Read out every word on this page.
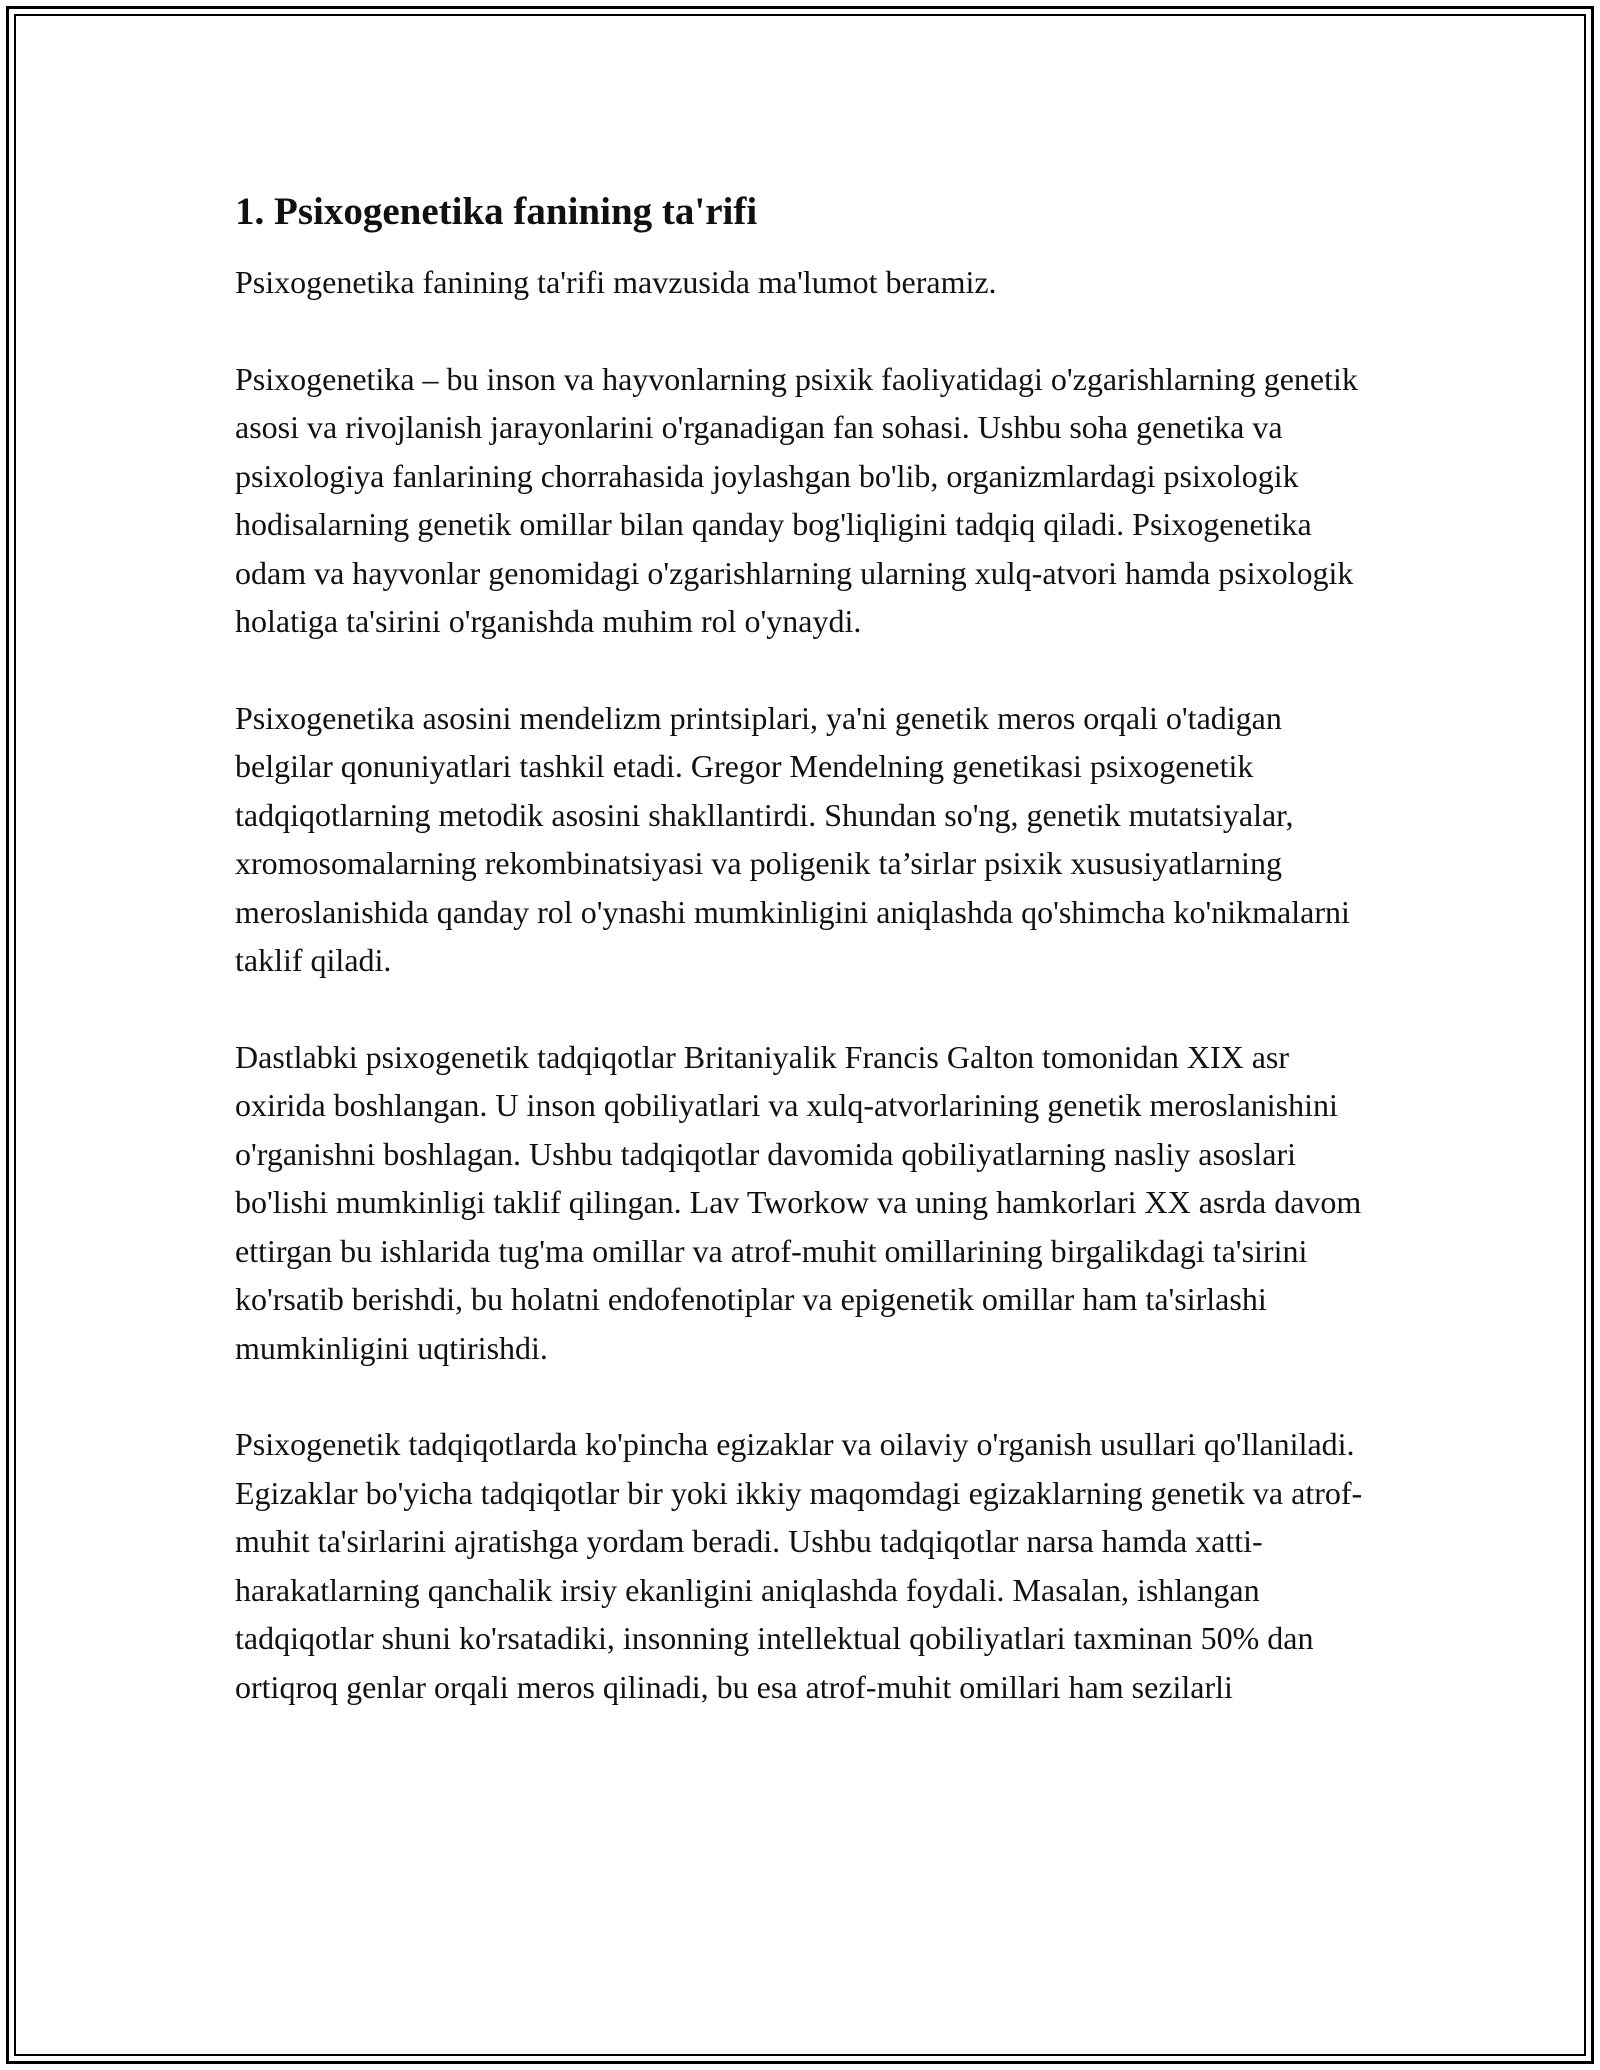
1. Psixogenetika fanining ta'rifi

Psixogenetika fanining ta'rifi mavzusida ma'lumot beramiz.

Psixogenetika – bu inson va hayvonlarning psixik faoliyatidagi o'zgarishlarning genetik asosi va rivojlanish jarayonlarini o'rganadigan fan sohasi. Ushbu soha genetika va psixologiya fanlarining chorrahasida joylashgan bo'lib, organizmlardagi psixologik hodisalarning genetik omillar bilan qanday bog'liqligini tadqiq qiladi. Psixogenetika odam va hayvonlar genomidagi o'zgarishlarning ularning xulq-atvori hamda psixologik holatiga ta'sirini o'rganishda muhim rol o'ynaydi.

Psixogenetika asosini mendelizm printsiplari, ya'ni genetik meros orqali o'tadigan belgilar qonuniyatlari tashkil etadi. Gregor Mendelning genetikasi psixogenetik tadqiqotlarning metodik asosini shakllantirdi. Shundan so'ng, genetik mutatsiyalar, xromosomalarning rekombinatsiyasi va poligenik ta’sirlar psixik xususiyatlarning meroslanishida qanday rol o'ynashi mumkinligini aniqlashda qo'shimcha ko'nikmalarni taklif qiladi.

Dastlabki psixogenetik tadqiqotlar Britaniyalik Francis Galton tomonidan XIX asr oxirida boshlangan. U inson qobiliyatlari va xulq-atvorlarining genetik meroslanishini o'rganishni boshlagan. Ushbu tadqiqotlar davomida qobiliyatlarning nasliy asoslari bo'lishi mumkinligi taklif qilingan. Lav Tworkow va uning hamkorlari XX asrda davom ettirgan bu ishlarida tug'ma omillar va atrof-muhit omillarining birgalikdagi ta'sirini ko'rsatib berishdi, bu holatni endofenotiplar va epigenetik omillar ham ta'sirlashi mumkinligini uqtirishdi.

Psixogenetik tadqiqotlarda ko'pincha egizaklar va oilaviy o'rganish usullari qo'llaniladi. Egizaklar bo'yicha tadqiqotlar bir yoki ikkiy maqomdagi egizaklarning genetik va atrof-muhit ta'sirlarini ajratishga yordam beradi. Ushbu tadqiqotlar narsa hamda xatti-harakatlarning qanchalik irsiy ekanligini aniqlashda foydali. Masalan, ishlangan tadqiqotlar shuni ko'rsatadiki, insonning intellektual qobiliyatlari taxminan 50% dan ortiqroq genlar orqali meros qilinadi, bu esa atrof-muhit omillari ham sezilarli
